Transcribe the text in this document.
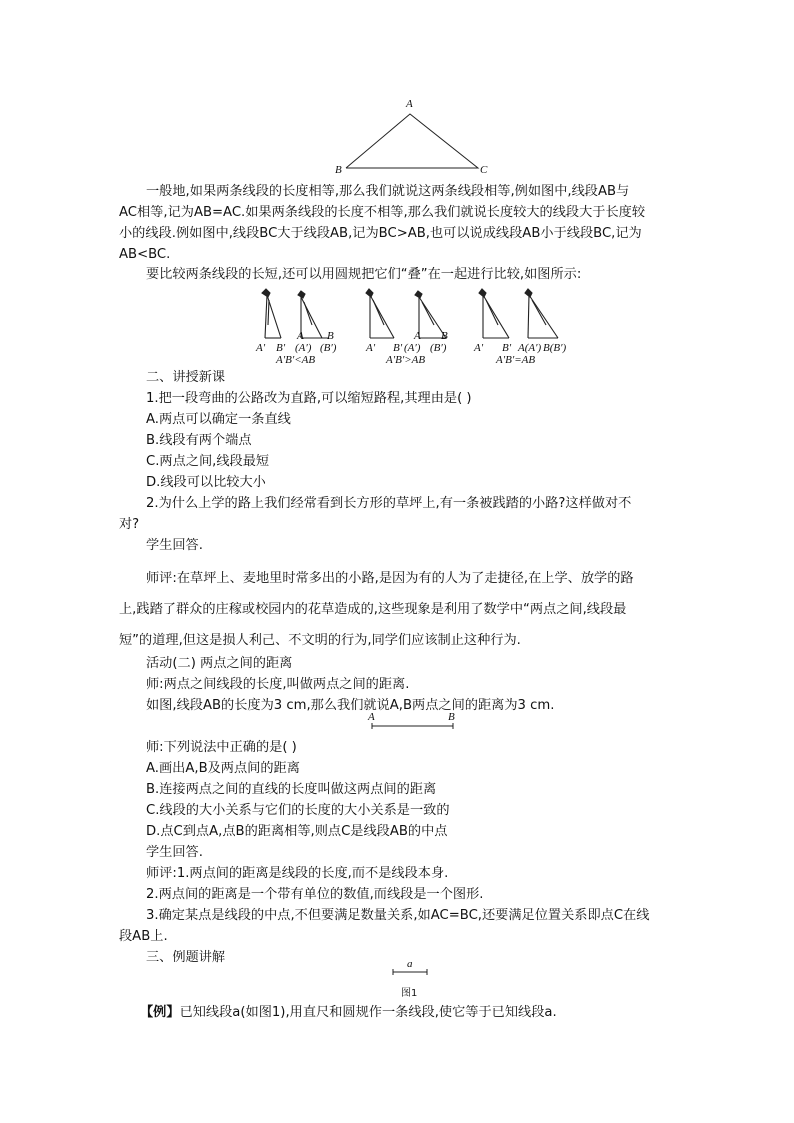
A
B	C
一般地,如果两条线段的长度相等,那么我们就说这两条线段相等,例如图中,线段AB与
AC相等,记为AB=AC.如果两条线段的长度不相等,那么我们就说长度较大的线段大于长度较
小的线段.例如图中,线段BC大于线段AB,记为BC>AB,也可以说成线段AB小于线段BC,记为
AB<BC.
要比较两条线段的长短,还可以用圆规把它们“叠”在一起进行比较,如图所示:
A′ B′
A
(A′)
B
(B′)
A′B′<AB
A′ B′
A B
(A′) (B′)
A′B′>AB
A′ B′ A(A′) B(B′)
A′B′=AB
二、讲授新课
1.把一段弯曲的公路改为直路,可以缩短路程,其理由是( )
A.两点可以确定一条直线
B.线段有两个端点
C.两点之间,线段最短
D.线段可以比较大小
2.为什么上学的路上我们经常看到长方形的草坪上,有一条被践踏的小路?这样做对不
对?
学生回答.
师评:在草坪上、麦地里时常多出的小路,是因为有的人为了走捷径,在上学、放学的路
上,践踏了群众的庄稼或校园内的花草造成的,这些现象是利用了数学中“两点之间,线段最
短”的道理,但这是损人利己、不文明的行为,同学们应该制止这种行为.
活动(二) 两点之间的距离
师:两点之间线段的长度,叫做两点之间的距离.
如图,线段AB的长度为3 cm,那么我们就说A,B两点之间的距离为3 cm.
A	B
师:下列说法中正确的是( )
A.画出A,B及两点间的距离
B.连接两点之间的直线的长度叫做这两点间的距离
C.线段的大小关系与它们的长度的大小关系是一致的
D.点C到点A,点B的距离相等,则点C是线段AB的中点
学生回答.
师评:1.两点间的距离是线段的长度,而不是线段本身.
2.两点间的距离是一个带有单位的数值,而线段是一个图形.
3.确定某点是线段的中点,不但要满足数量关系,如AC=BC,还要满足位置关系即点C在线
段AB上.
三、例题讲解	a
图1
【例】已知线段a(如图1),用直尺和圆规作一条线段,使它等于已知线段a.
